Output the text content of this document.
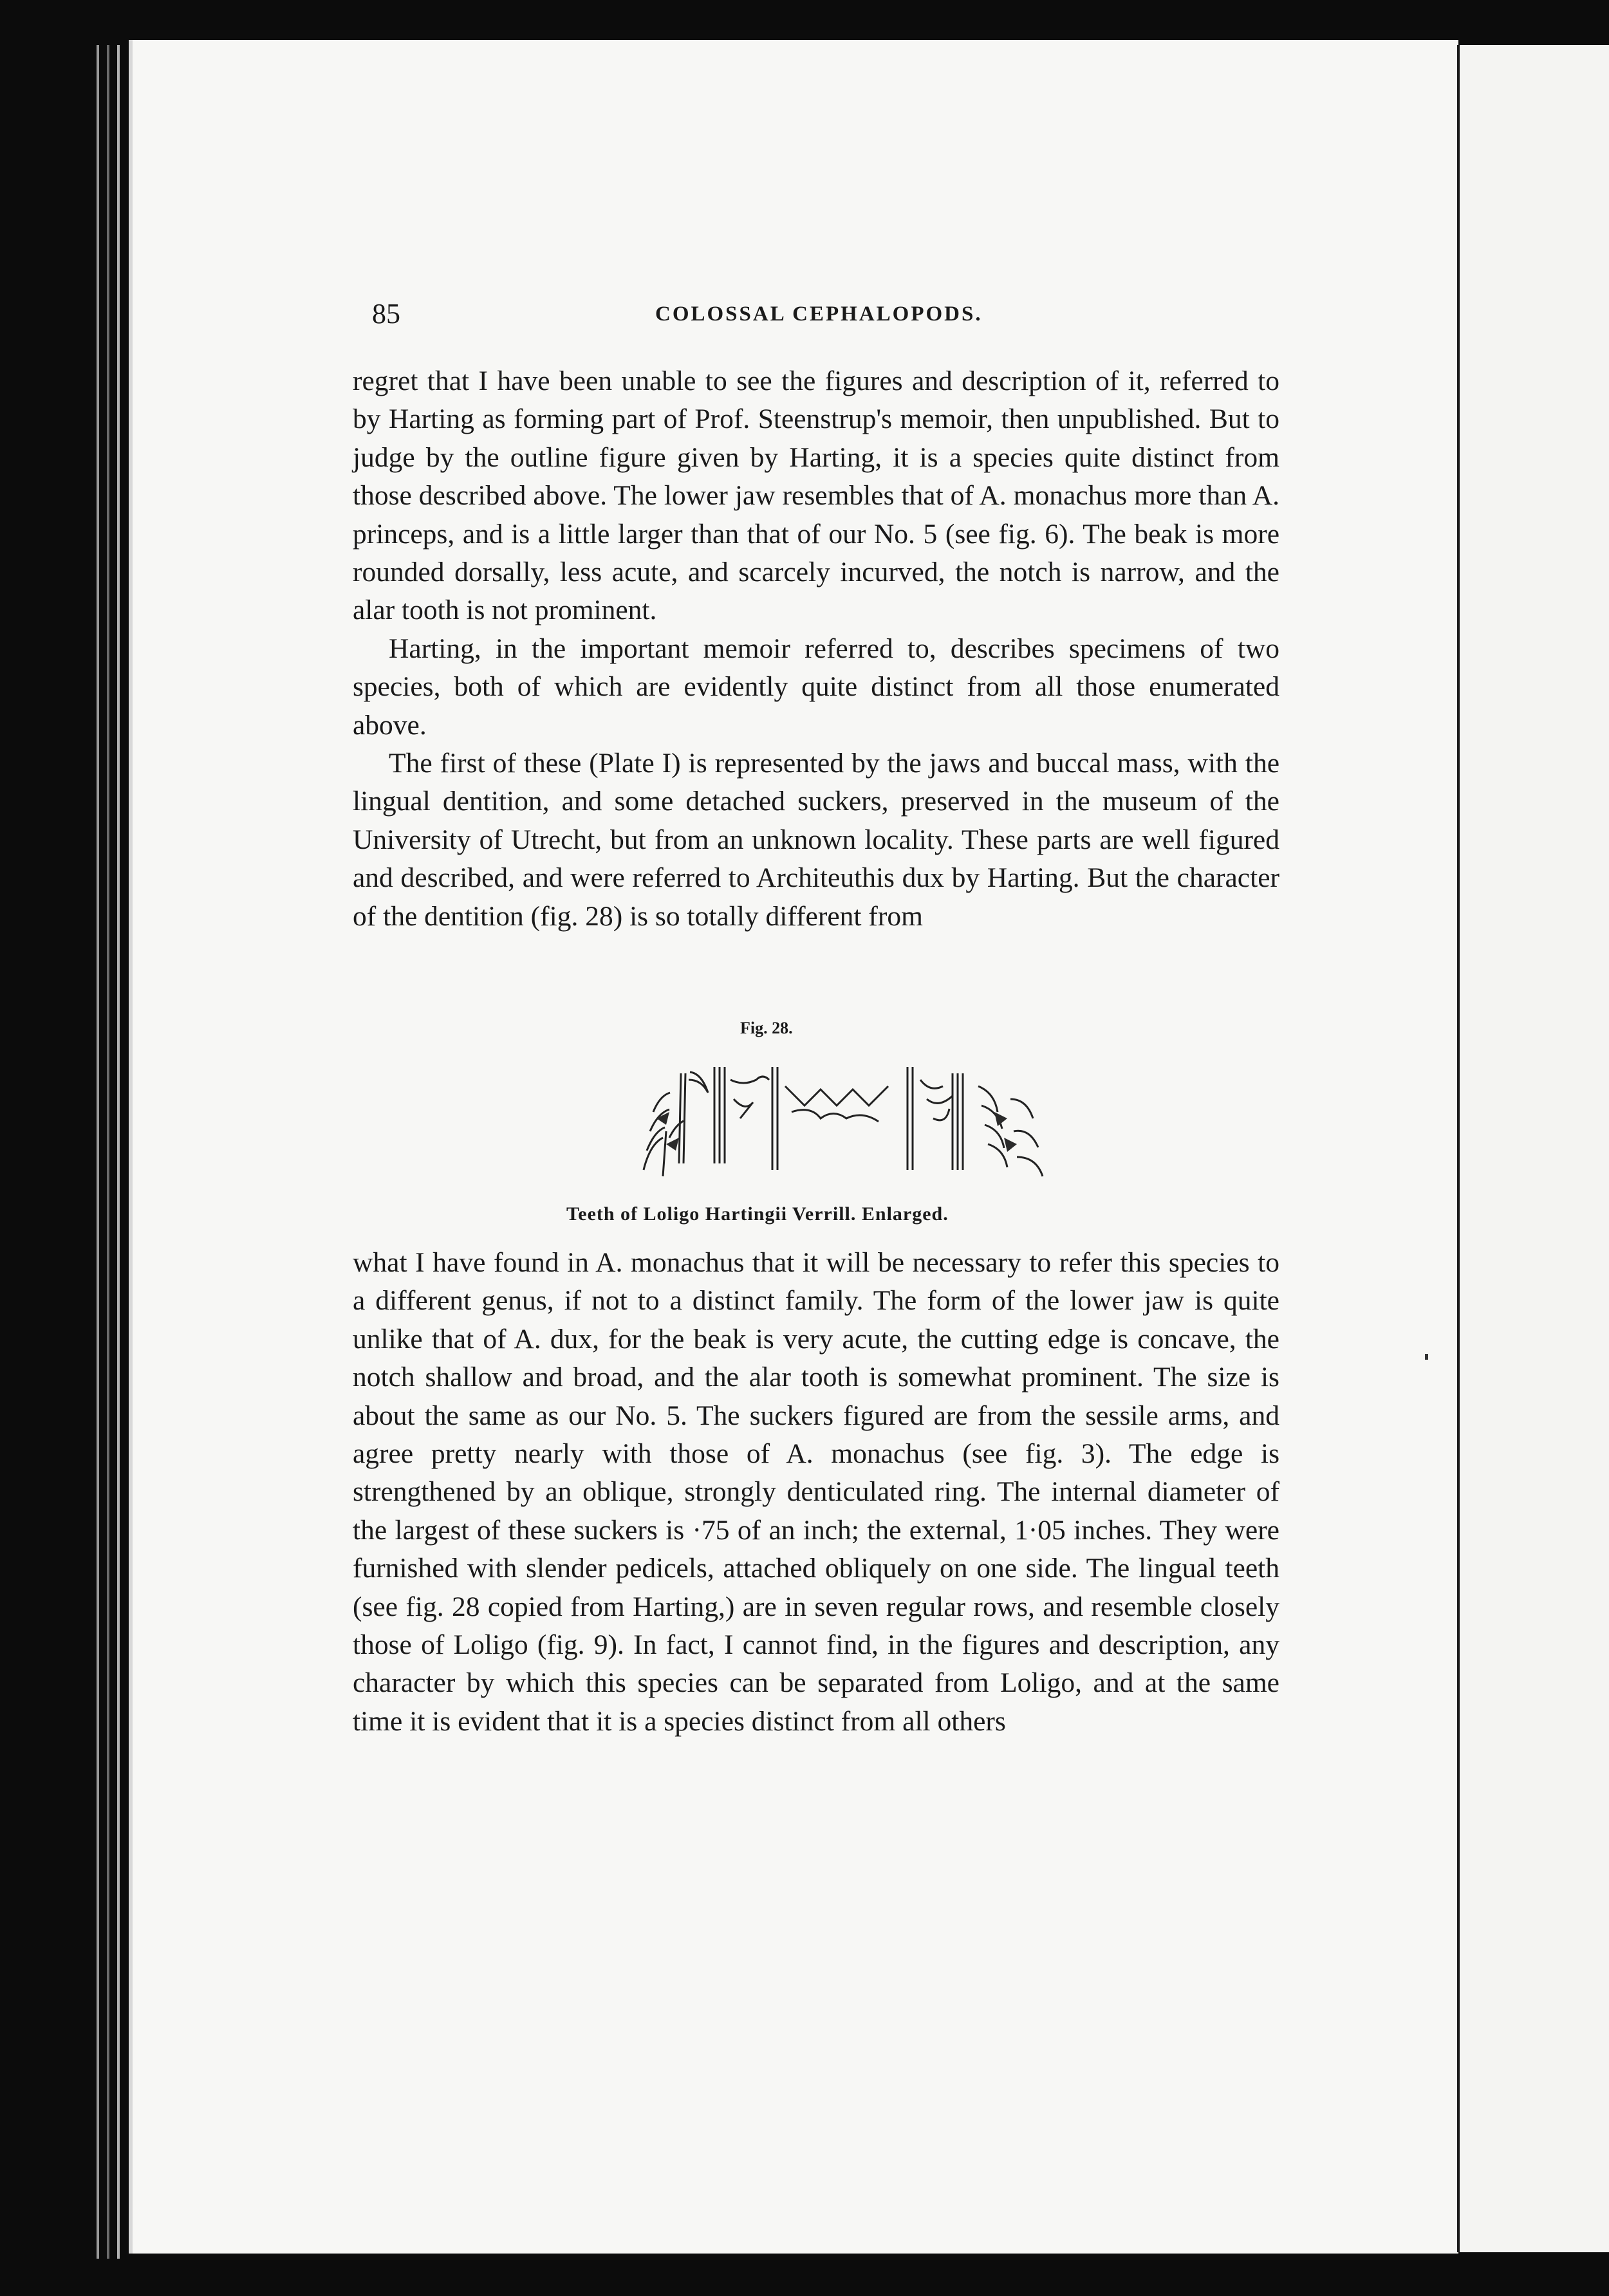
85	COLOSSAL CEPHALOPODS.

regret that I have been unable to see the figures and description of it, referred to by Harting as forming part of Prof. Steenstrup's memoir, then unpublished. But to judge by the outline figure given by Harting, it is a species quite distinct from those described above. The lower jaw resembles that of A. monachus more than A. princeps, and is a little larger than that of our No. 5 (see fig. 6). The beak is more rounded dorsally, less acute, and scarcely incurved, the notch is narrow, and the alar tooth is not prominent.

Harting, in the important memoir referred to, describes specimens of two species, both of which are evidently quite distinct from all those enumerated above.

The first of these (Plate I) is represented by the jaws and buccal mass, with the lingual dentition, and some detached suckers, preserved in the museum of the University of Utrecht, but from an unknown locality. These parts are well figured and described, and were referred to Architeuthis dux by Harting. But the character of the dentition (fig. 28) is so totally different from

Fig. 28.
Teeth of Loligo Hartingii Verrill. Enlarged.

what I have found in A. monachus that it will be necessary to refer this species to a different genus, if not to a distinct family. The form of the lower jaw is quite unlike that of A. dux, for the beak is very acute, the cutting edge is concave, the notch shallow and broad, and the alar tooth is somewhat prominent. The size is about the same as our No. 5. The suckers figured are from the sessile arms, and agree pretty nearly with those of A. monachus (see fig. 3). The edge is strengthened by an oblique, strongly denticulated ring. The internal diameter of the largest of these suckers is ·75 of an inch; the external, 1·05 inches. They were furnished with slender pedicels, attached obliquely on one side. The lingual teeth (see fig. 28 copied from Harting,) are in seven regular rows, and resemble closely those of Loligo (fig. 9). In fact, I cannot find, in the figures and description, any character by which this species can be separated from Loligo, and at the same time it is evident that it is a species distinct from all others
